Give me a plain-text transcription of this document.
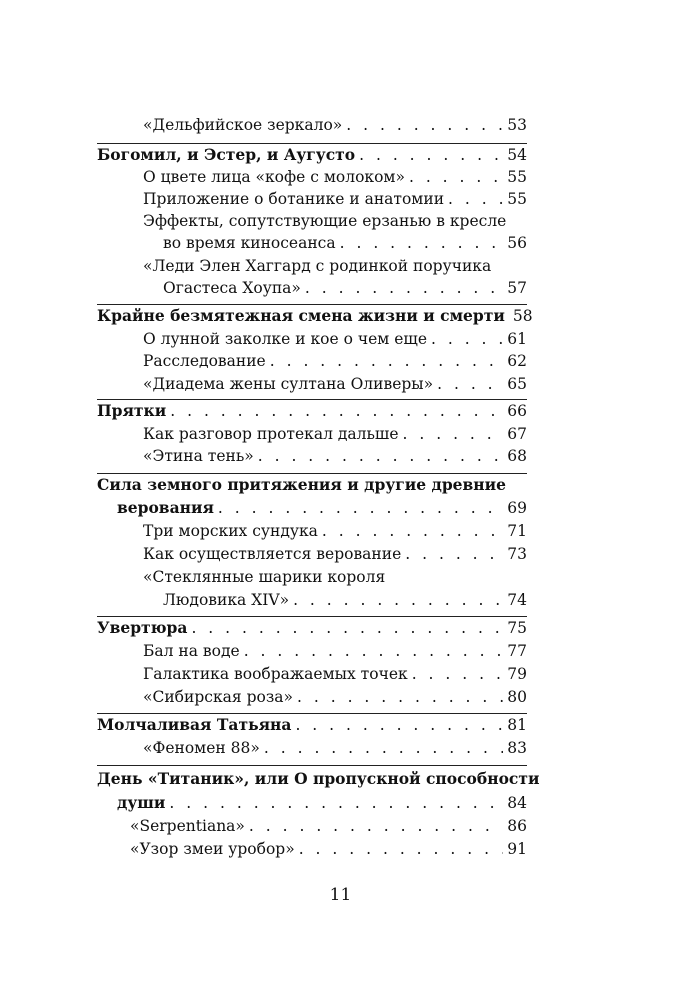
«Дельфийское зеркало» . . .	53
Богомил, и Эстер, и Аугусто . . .	54
О цвете лица «кофе с молоком» . . .	55
Приложение о ботанике и анатомии . . .	55
Эффекты, сопутствующие ерзанью в кресле
во время киносеанса . . .	56
«Леди Элен Хаггард с родинкой поручика
Огастеса Хоупа» . . .	57
Крайне безмятежная смена жизни и смерти 58
О лунной заколке и кое о чем еще . . .	61
Расследование . . .	62
«Диадема жены султана Оливеры» . . .	65
Прятки . . .	66
Как разговор протекал дальше . . .	67
«Этина тень» . . .	68
Сила земного притяжения и другие древние
верования . . .	69
Три морских сундука . . .	71
Как осуществляется верование . . .	73
«Стеклянные шарики короля
Людовика XIV» . . .	74
Увертюра . . .	75
Бал на воде . . .	77
Галактика воображаемых точек . . .	79
«Сибирская роза» . . .	80
Молчаливая Татьяна . . .	81
«Феномен 88» . . .	83
День «Титаник», или О пропускной способности
души . . .	84
«Serpentiana» . . .	86
«Узор змеи уробор» . . .	91
11
